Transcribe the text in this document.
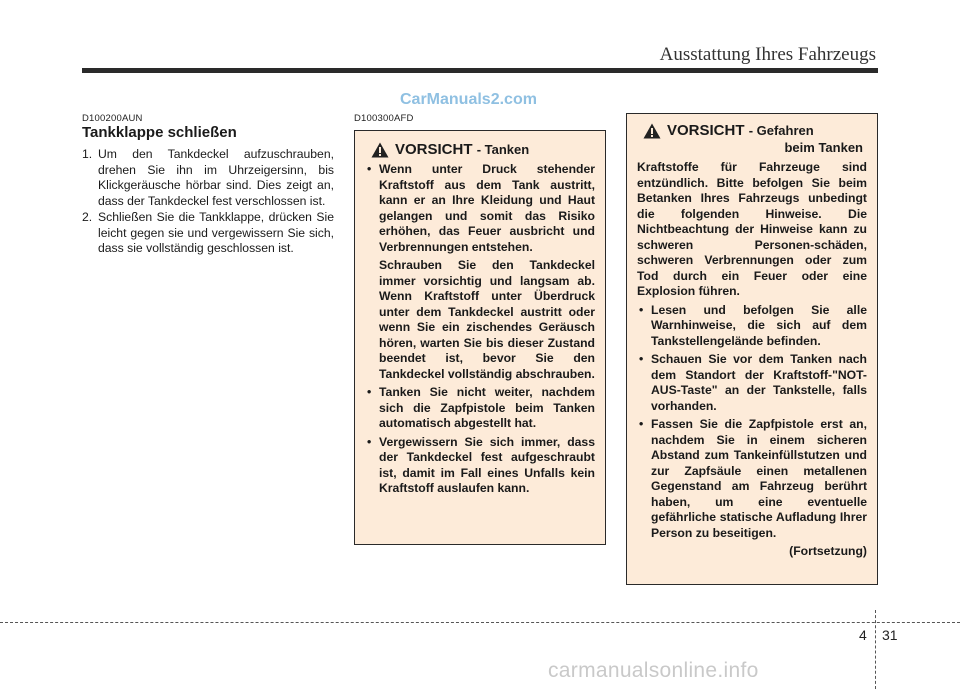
Ausstattung Ihres Fahrzeugs
CarManuals2.com
D100200AUN
Tankklappe schließen
1. Um den Tankdeckel aufzuschrauben, drehen Sie ihn im Uhrzeigersinn, bis Klickgeräusche hörbar sind. Dies zeigt an, dass der Tankdeckel fest verschlossen ist.
2. Schließen Sie die Tankklappe, drücken Sie leicht gegen sie und vergewissern Sie sich, dass sie vollständig geschlossen ist.
D100300AFD
VORSICHT - Tanken

• Wenn unter Druck stehender Kraftstoff aus dem Tank austritt, kann er an Ihre Kleidung und Haut gelangen und somit das Risiko erhöhen, das Feuer ausbricht und Verbrennungen entstehen.

Schrauben Sie den Tankdeckel immer vorsichtig und langsam ab. Wenn Kraftstoff unter Überdruck unter dem Tankdeckel austritt oder wenn Sie ein zischendes Geräusch hören, warten Sie bis dieser Zustand beendet ist, bevor Sie den Tankdeckel vollständig abschrauben.

• Tanken Sie nicht weiter, nachdem sich die Zapfpistole beim Tanken automatisch abgestellt hat.

• Vergewissern Sie sich immer, dass der Tankdeckel fest aufgeschraubt ist, damit im Fall eines Unfalls kein Kraftstoff auslaufen kann.

VORSICHT - Gefahren
beim Tanken
Kraftstoffe für Fahrzeuge sind entzündlich. Bitte befolgen Sie beim Betanken Ihres Fahrzeugs unbedingt die folgenden Hinweise. Die Nichtbeachtung der Hinweise kann zu schweren Personen-schäden, schweren Verbrennungen oder zum Tod durch ein Feuer oder eine Explosion führen.

• Lesen und befolgen Sie alle Warnhinweise, die sich auf dem Tankstellengelände befinden.

• Schauen Sie vor dem Tanken nach dem Standort der Kraftstoff-"NOT-AUS-Taste" an der Tankstelle, falls vorhanden.

• Fassen Sie die Zapfpistole erst an, nachdem Sie in einem sicheren Abstand zum Tankeinfüllstutzen und zur Zapfsäule einen metallenen Gegenstand am Fahrzeug berührt haben, um eine eventuelle gefährliche statische Aufladung Ihrer Person zu beseitigen.

(Fortsetzung)
4 31
carmanualsonline.info
